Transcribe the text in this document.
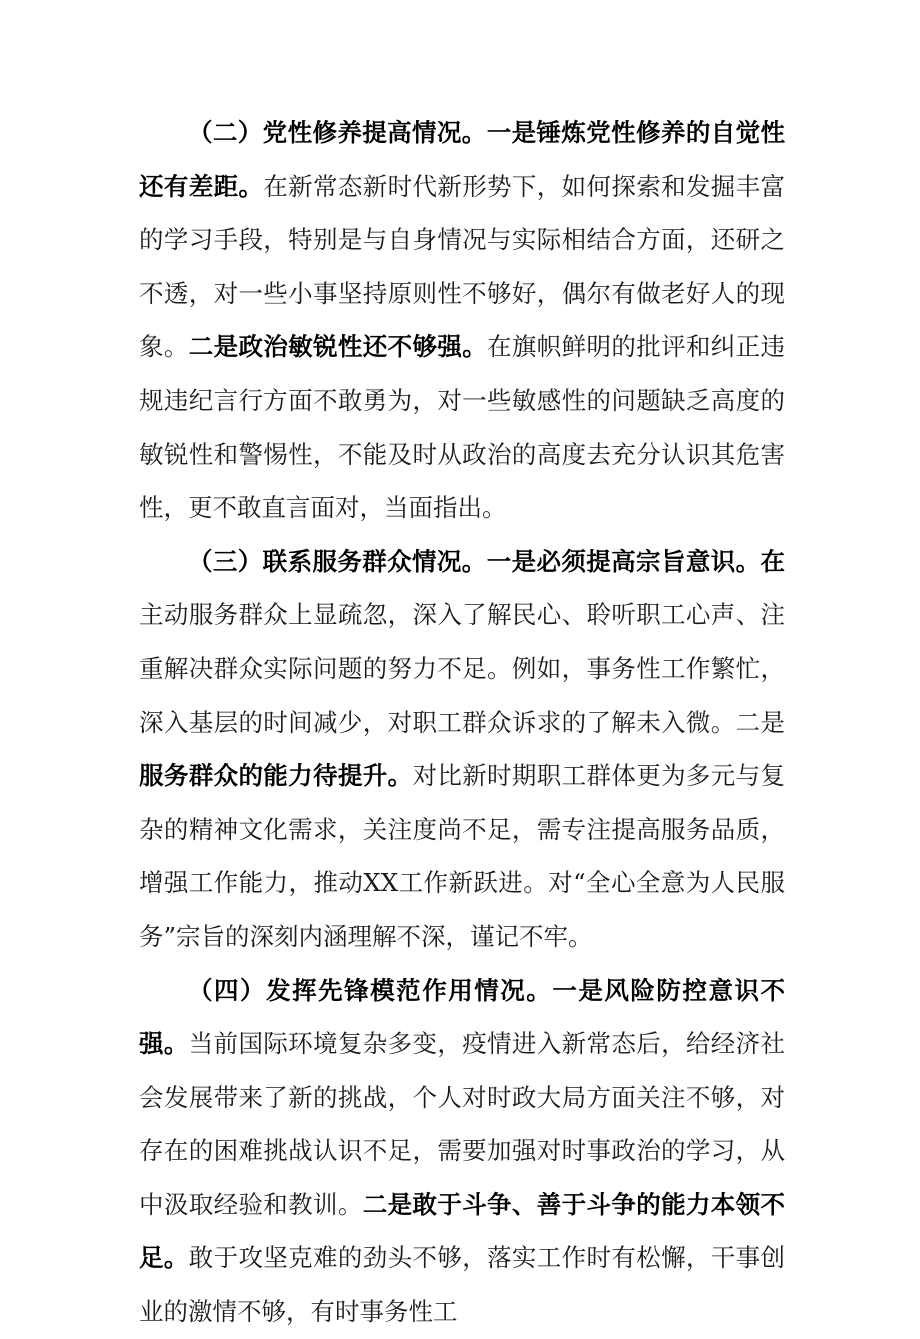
（二）党性修养提高情况。一是锤炼党性修养的自觉性还有差距。在新常态新时代新形势下，如何探索和发掘丰富的学习手段，特别是与自身情况与实际相结合方面，还研之不透，对一些小事坚持原则性不够好，偶尔有做老好人的现象。二是政治敏锐性还不够强。在旗帜鲜明的批评和纠正违规违纪言行方面不敢勇为，对一些敏感性的问题缺乏高度的敏锐性和警惕性，不能及时从政治的高度去充分认识其危害性，更不敢直言面对，当面指出。

（三）联系服务群众情况。一是必须提高宗旨意识。在主动服务群众上显疏忽，深入了解民心、聆听职工心声、注重解决群众实际问题的努力不足。例如，事务性工作繁忙，深入基层的时间减少，对职工群众诉求的了解未入微。二是服务群众的能力待提升。对比新时期职工群体更为多元与复杂的精神文化需求，关注度尚不足，需专注提高服务品质，增强工作能力，推动XX工作新跃进。对“全心全意为人民服务”宗旨的深刻内涵理解不深，谨记不牢。

（四）发挥先锋模范作用情况。一是风险防控意识不强。当前国际环境复杂多变，疫情进入新常态后，给经济社会发展带来了新的挑战，个人对时政大局方面关注不够，对存在的困难挑战认识不足，需要加强对时事政治的学习，从中汲取经验和教训。二是敢于斗争、善于斗争的能力本领不足。敢于攻坚克难的劲头不够，落实工作时有松懈，干事创业的激情不够，有时事务性工
